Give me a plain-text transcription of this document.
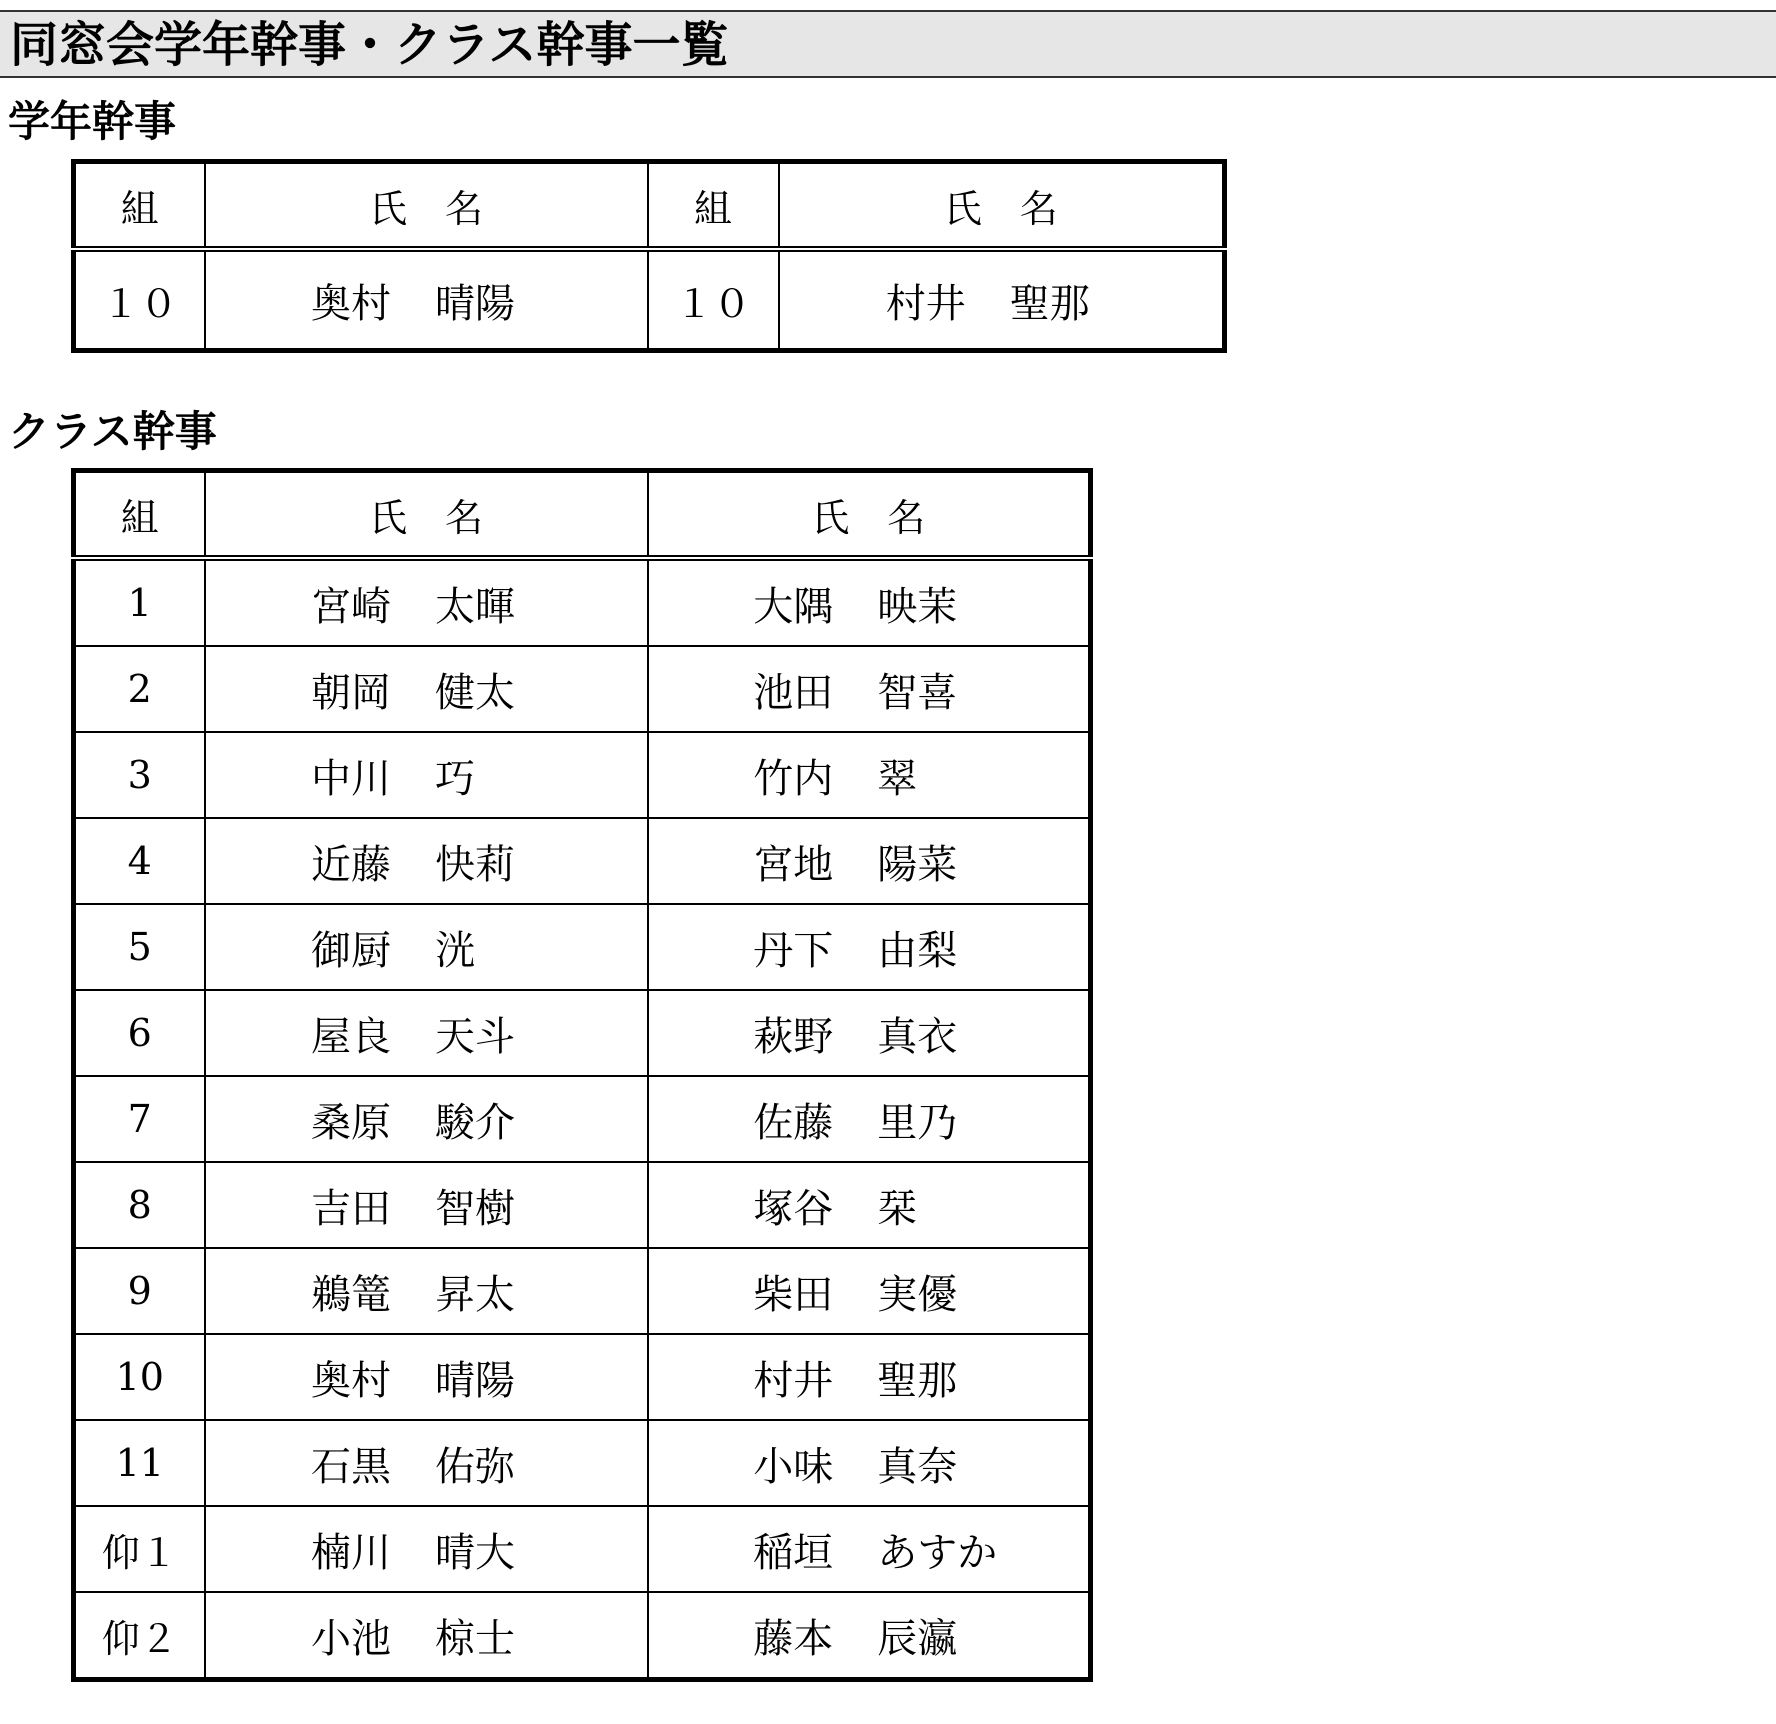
同窓会学年幹事・クラス幹事一覧
学年幹事
組	氏　名	組	氏　名
１０	奥村 晴陽	１０	村井 聖那
クラス幹事
組	氏　名	氏　名
1	宮崎 太暉	大隅 映茉
2	朝岡 健太	池田 智喜
3	中川 巧	竹内 翠
4	近藤 快莉	宮地 陽菜
5	御厨 洸	丹下 由梨
6	屋良 天斗	萩野 真衣
7	桑原 駿介	佐藤 里乃
8	吉田 智樹	塚谷 栞
9	鵜篭 昇太	柴田 実優
10	奥村 晴陽	村井 聖那
11	石黒 佑弥	小味 真奈
仰１	楠川 晴大	稲垣 あすか
仰２	小池 椋士	藤本 辰瀛
